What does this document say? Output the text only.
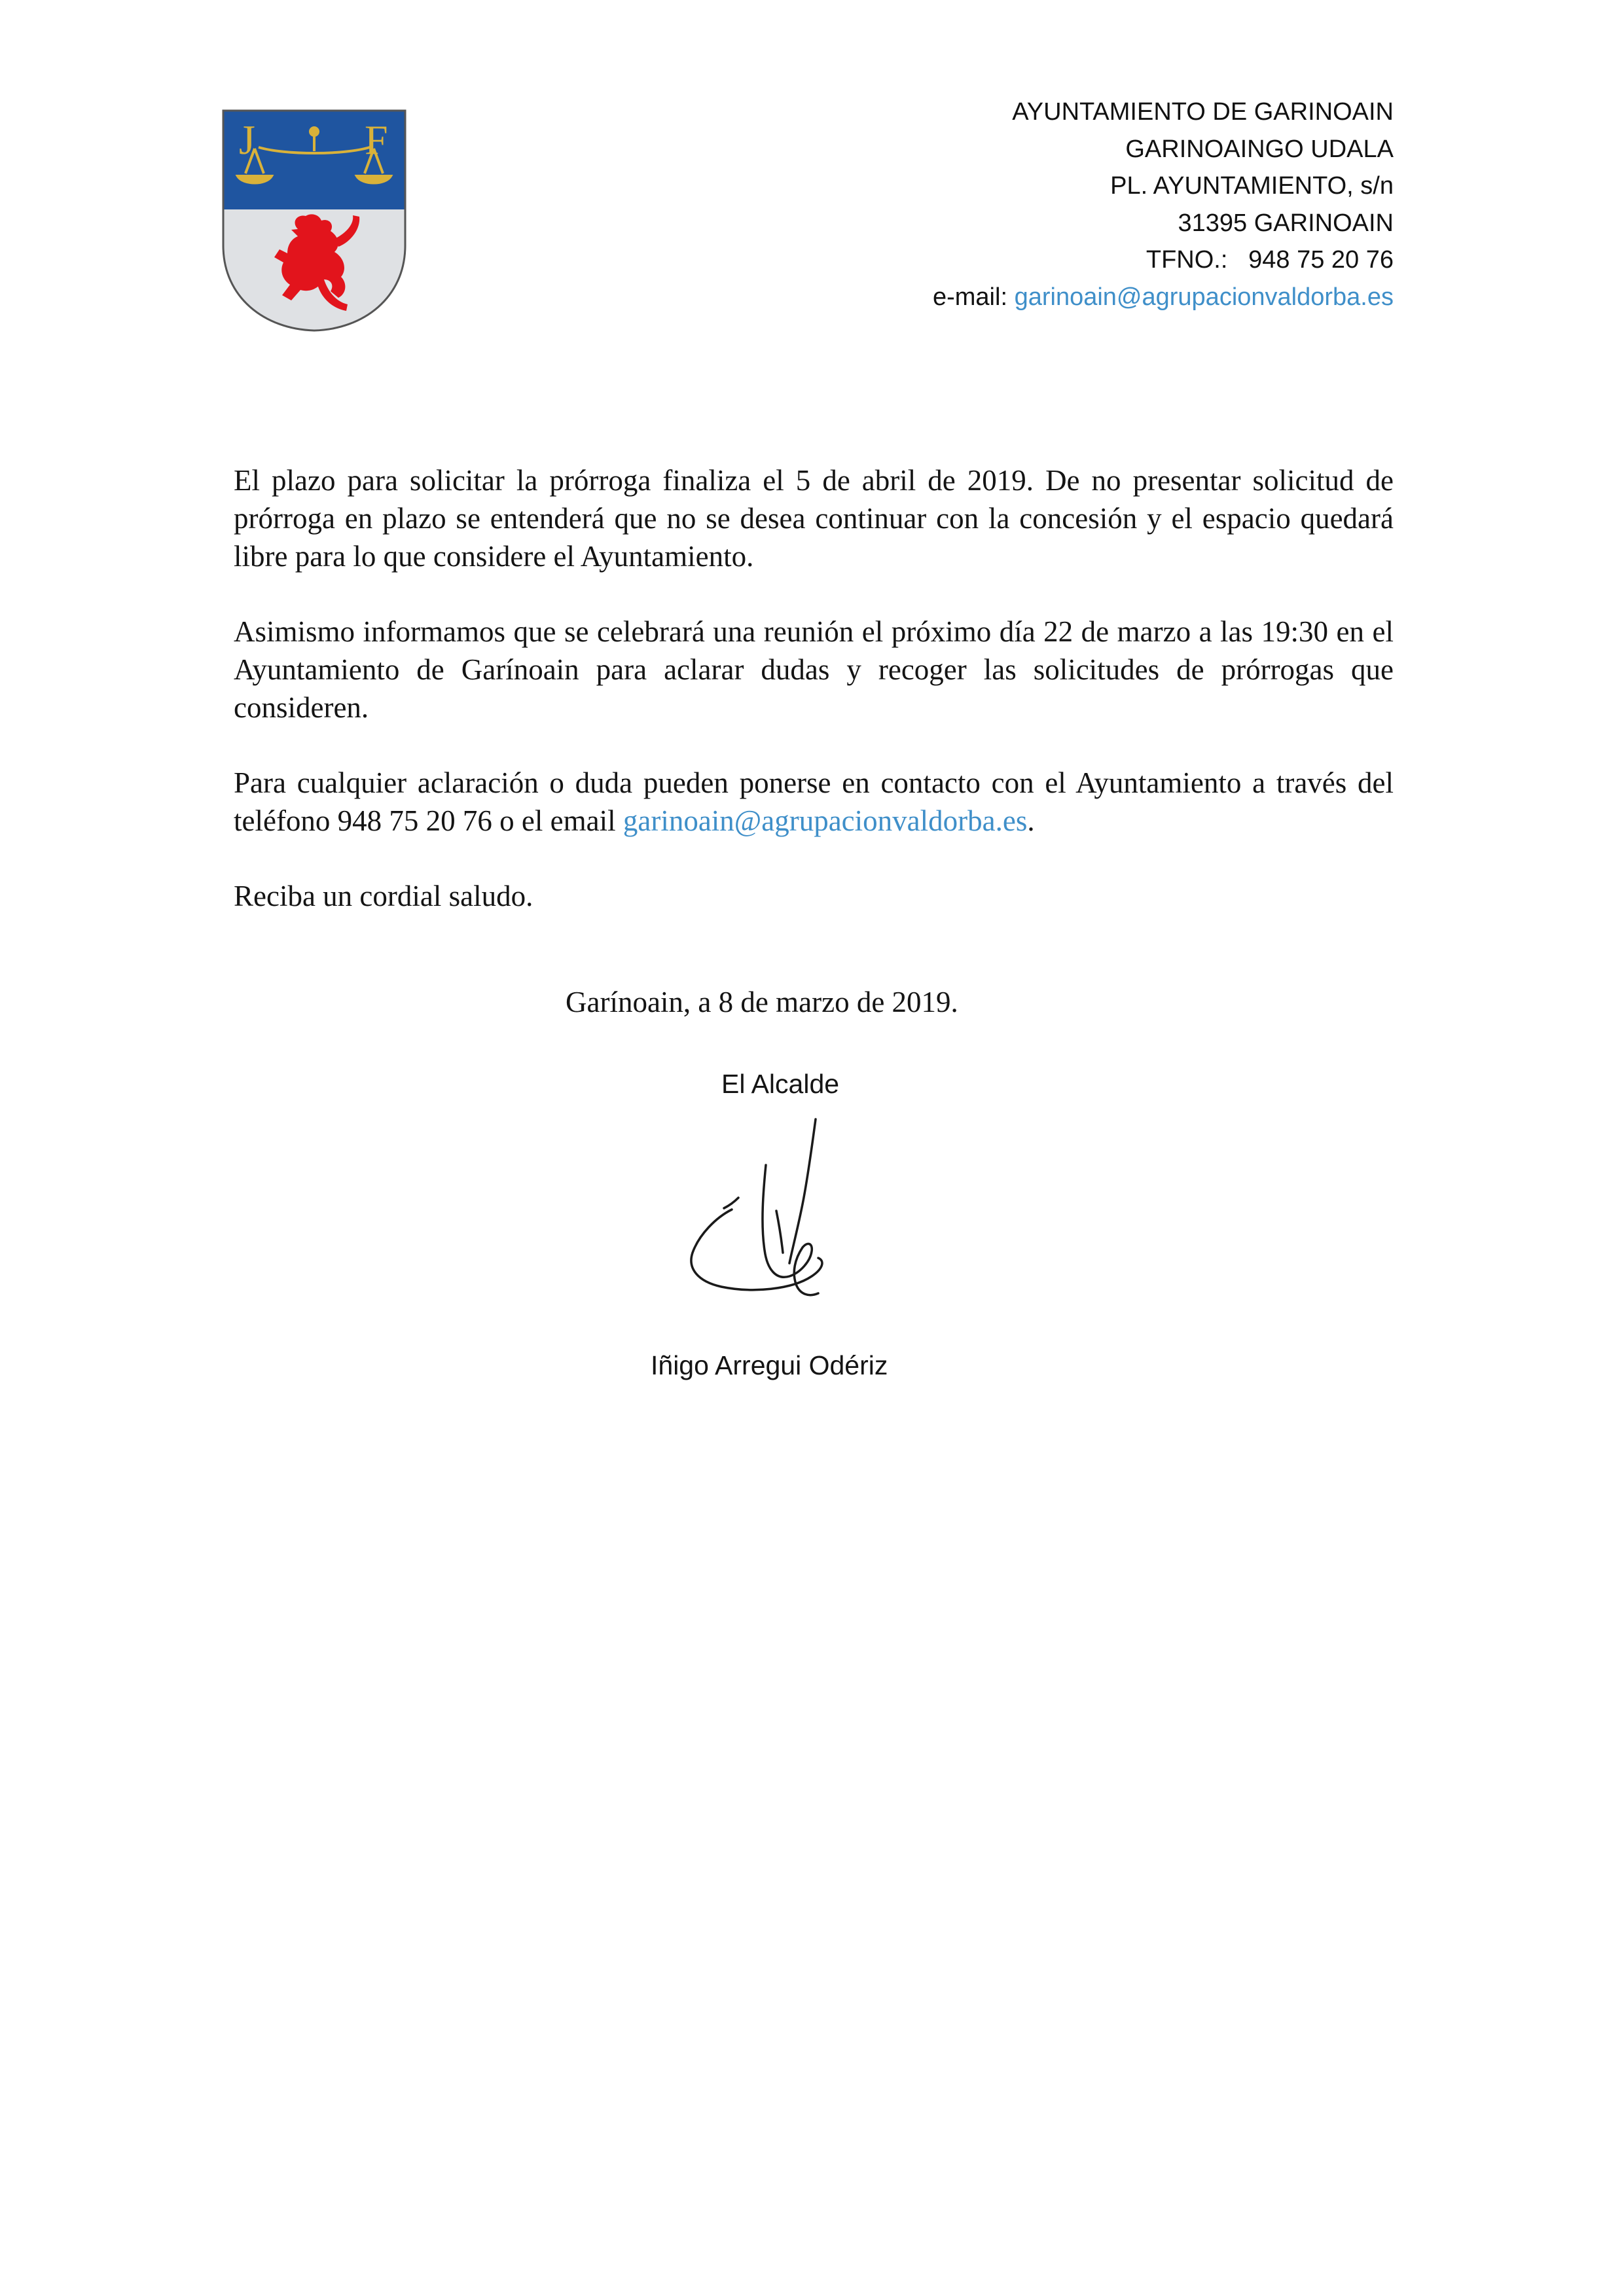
J	F
AYUNTAMIENTO DE GARINOAIN
GARINOAINGO UDALA
PL. AYUNTAMIENTO, s/n
31395 GARINOAIN
TFNO.: 948 75 20 76
e-mail: garinoain@agrupacionvaldorba.es

El plazo para solicitar la prórroga finaliza el 5 de abril de 2019. De no presentar solicitud de prórroga en plazo se entenderá que no se desea continuar con la concesión y el espacio quedará libre para lo que considere el Ayuntamiento.

Asimismo informamos que se celebrará una reunión el próximo día 22 de marzo a las 19:30 en el Ayuntamiento de Garínoain para aclarar dudas y recoger las solicitudes de prórrogas que consideren.

Para cualquier aclaración o duda pueden ponerse en contacto con el Ayuntamiento a través del teléfono 948 75 20 76 o el email garinoain@agrupacionvaldorba.es.

Reciba un cordial saludo.

Garínoain, a 8 de marzo de 2019.
El Alcalde
Iñigo Arregui Odériz
